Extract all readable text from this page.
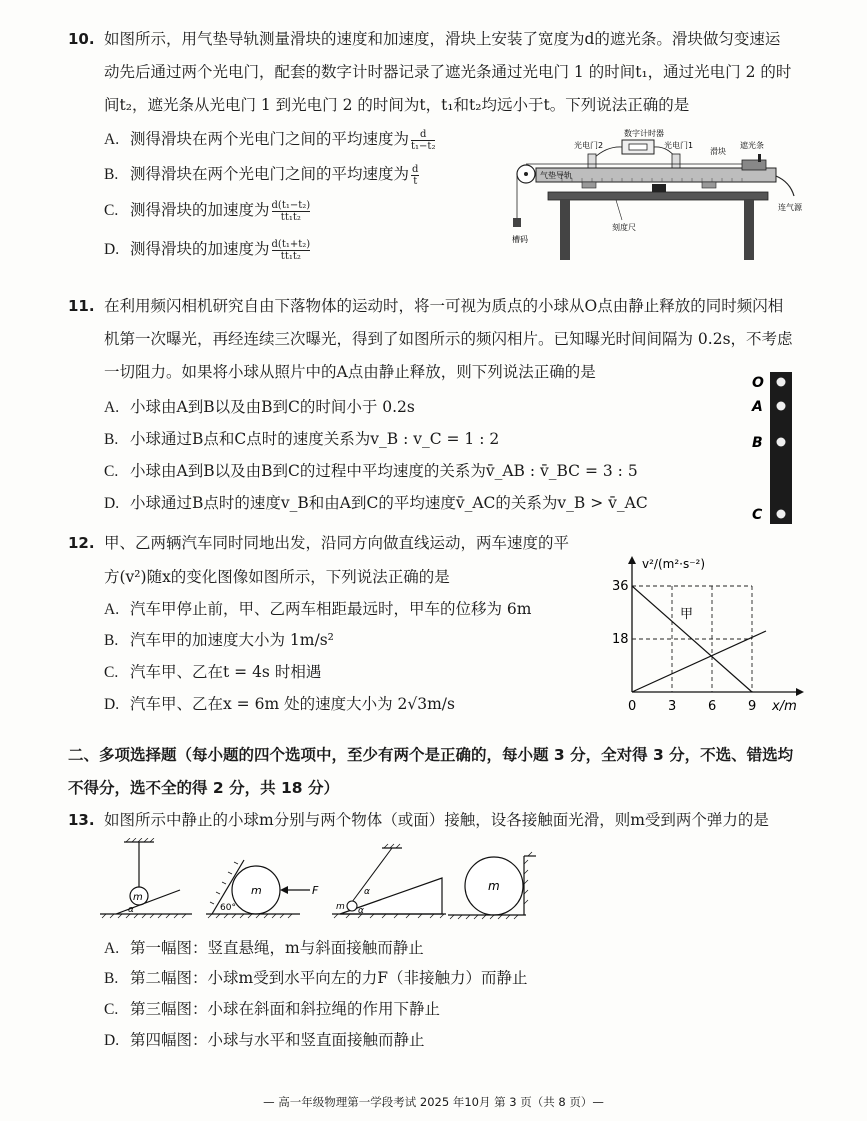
10. 如图所示，用气垫导轨测量滑块的速度和加速度，滑块上安装了宽度为d的遮光条。滑块做匀变速运
动先后通过两个光电门，配套的数字计时器记录了遮光条通过光电门 1 的时间t₁，通过光电门 2 的时
间t₂，遮光条从光电门 1 到光电门 2 的时间为t，t₁和t₂均远小于t。下列说法正确的是
A. 测得滑块在两个光电门之间的平均速度为 $\frac{d}{\text{t₁−t₂}}$
B. 测得滑块在两个光电门之间的平均速度为 $\frac{d}{t}$
C. 测得滑块的加速度为 $\frac{\text{d(t₁−t₂)}}{\text{tt₁t₂}}$
D. 测得滑块的加速度为 $\frac{\text{d(t₁+t₂)}}{\text{tt₁t₂}}$
光电门2
数字计时器
光电门1
滑块
遮光条
槽码
气垫导轨
连气源
刻度尺
11. 在利用频闪相机研究自由下落物体的运动时，将一可视为质点的小球从O点由静止释放的同时频闪相
机第一次曝光，再经连续三次曝光，得到了如图所示的频闪相片。已知曝光时间间隔为 0.2s，不考虑
一切阻力。如果将小球从照片中的A点由静止释放，则下列说法正确的是
A. 小球由A到B以及由B到C的时间小于 0.2s
B. 小球通过B点和C点时的速度关系为v_B : v_C = 1 : 2
C. 小球由A到B以及由B到C的过程中平均速度的关系为v̄_AB : v̄_BC = 3 : 5
D. 小球通过B点时的速度v_B和由A到C的平均速度v̄_AC的关系为v_B > v̄_AC
O
A
B
C
12. 甲、乙两辆汽车同时同地出发，沿同方向做直线运动，两车速度的平
方(v²)随x的变化图像如图所示，下列说法正确的是
A. 汽车甲停止前，甲、乙两车相距最远时，甲车的位移为 6m
B. 汽车甲的加速度大小为 1m/s²
C. 汽车甲、乙在t = 4s 时相遇
D. 汽车甲、乙在x = 6m 处的速度大小为 2√3m/s
v²/(m²·s⁻²)
36
18
0 3 6 9 x/m
甲
二、多项选择题（每小题的四个选项中，至少有两个是正确的，每小题 3 分，全对得 3 分，不选、错选均
不得分，选不全的得 2 分，共 18 分）
13. 如图所示中静止的小球m分别与两个物体（或面）接触，设各接触面光滑，则m受到两个弹力的是
m
α
m	F
60°	m
α
α
m
A. 第一幅图：竖直悬绳，m与斜面接触而静止
B. 第二幅图：小球m受到水平向左的力F（非接触力）而静止
C. 第三幅图：小球在斜面和斜拉绳的作用下静止
D. 第四幅图：小球与水平和竖直面接触而静止
— 高一年级物理第一学段考试 2025 年10月 第 3 页（共 8 页）—
